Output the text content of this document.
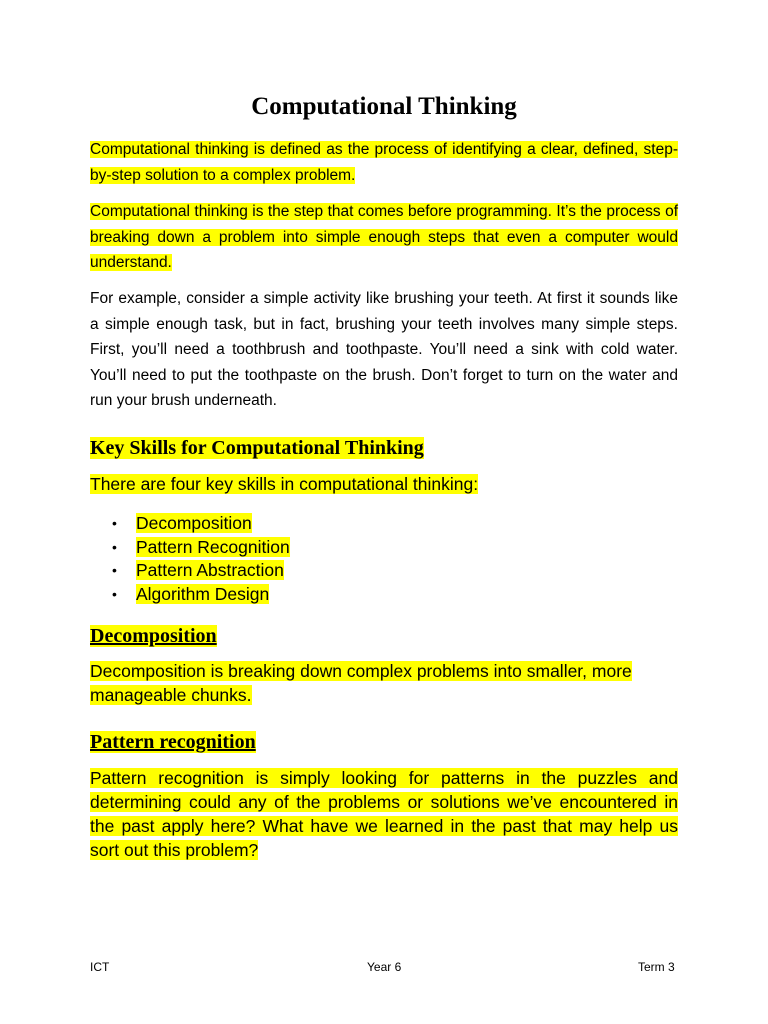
Computational Thinking

Computational thinking is defined as the process of identifying a clear, defined, step-by-step solution to a complex problem.

Computational thinking is the step that comes before programming. It’s the process of breaking down a problem into simple enough steps that even a computer would understand.

For example, consider a simple activity like brushing your teeth. At first it sounds like a simple enough task, but in fact, brushing your teeth involves many simple steps. First, you’ll need a toothbrush and toothpaste. You’ll need a sink with cold water. You’ll need to put the toothpaste on the brush. Don’t forget to turn on the water and run your brush underneath.

Key Skills for Computational Thinking

There are four key skills in computational thinking:

• Decomposition
• Pattern Recognition
• Pattern Abstraction
• Algorithm Design
Decomposition

Decomposition is breaking down complex problems into smaller, more manageable chunks.

Pattern recognition

Pattern recognition is simply looking for patterns in the puzzles and determining could any of the problems or solutions we’ve encountered in the past apply here? What have we learned in the past that may help us sort out this problem?

ICT	Year 6	Term 3
